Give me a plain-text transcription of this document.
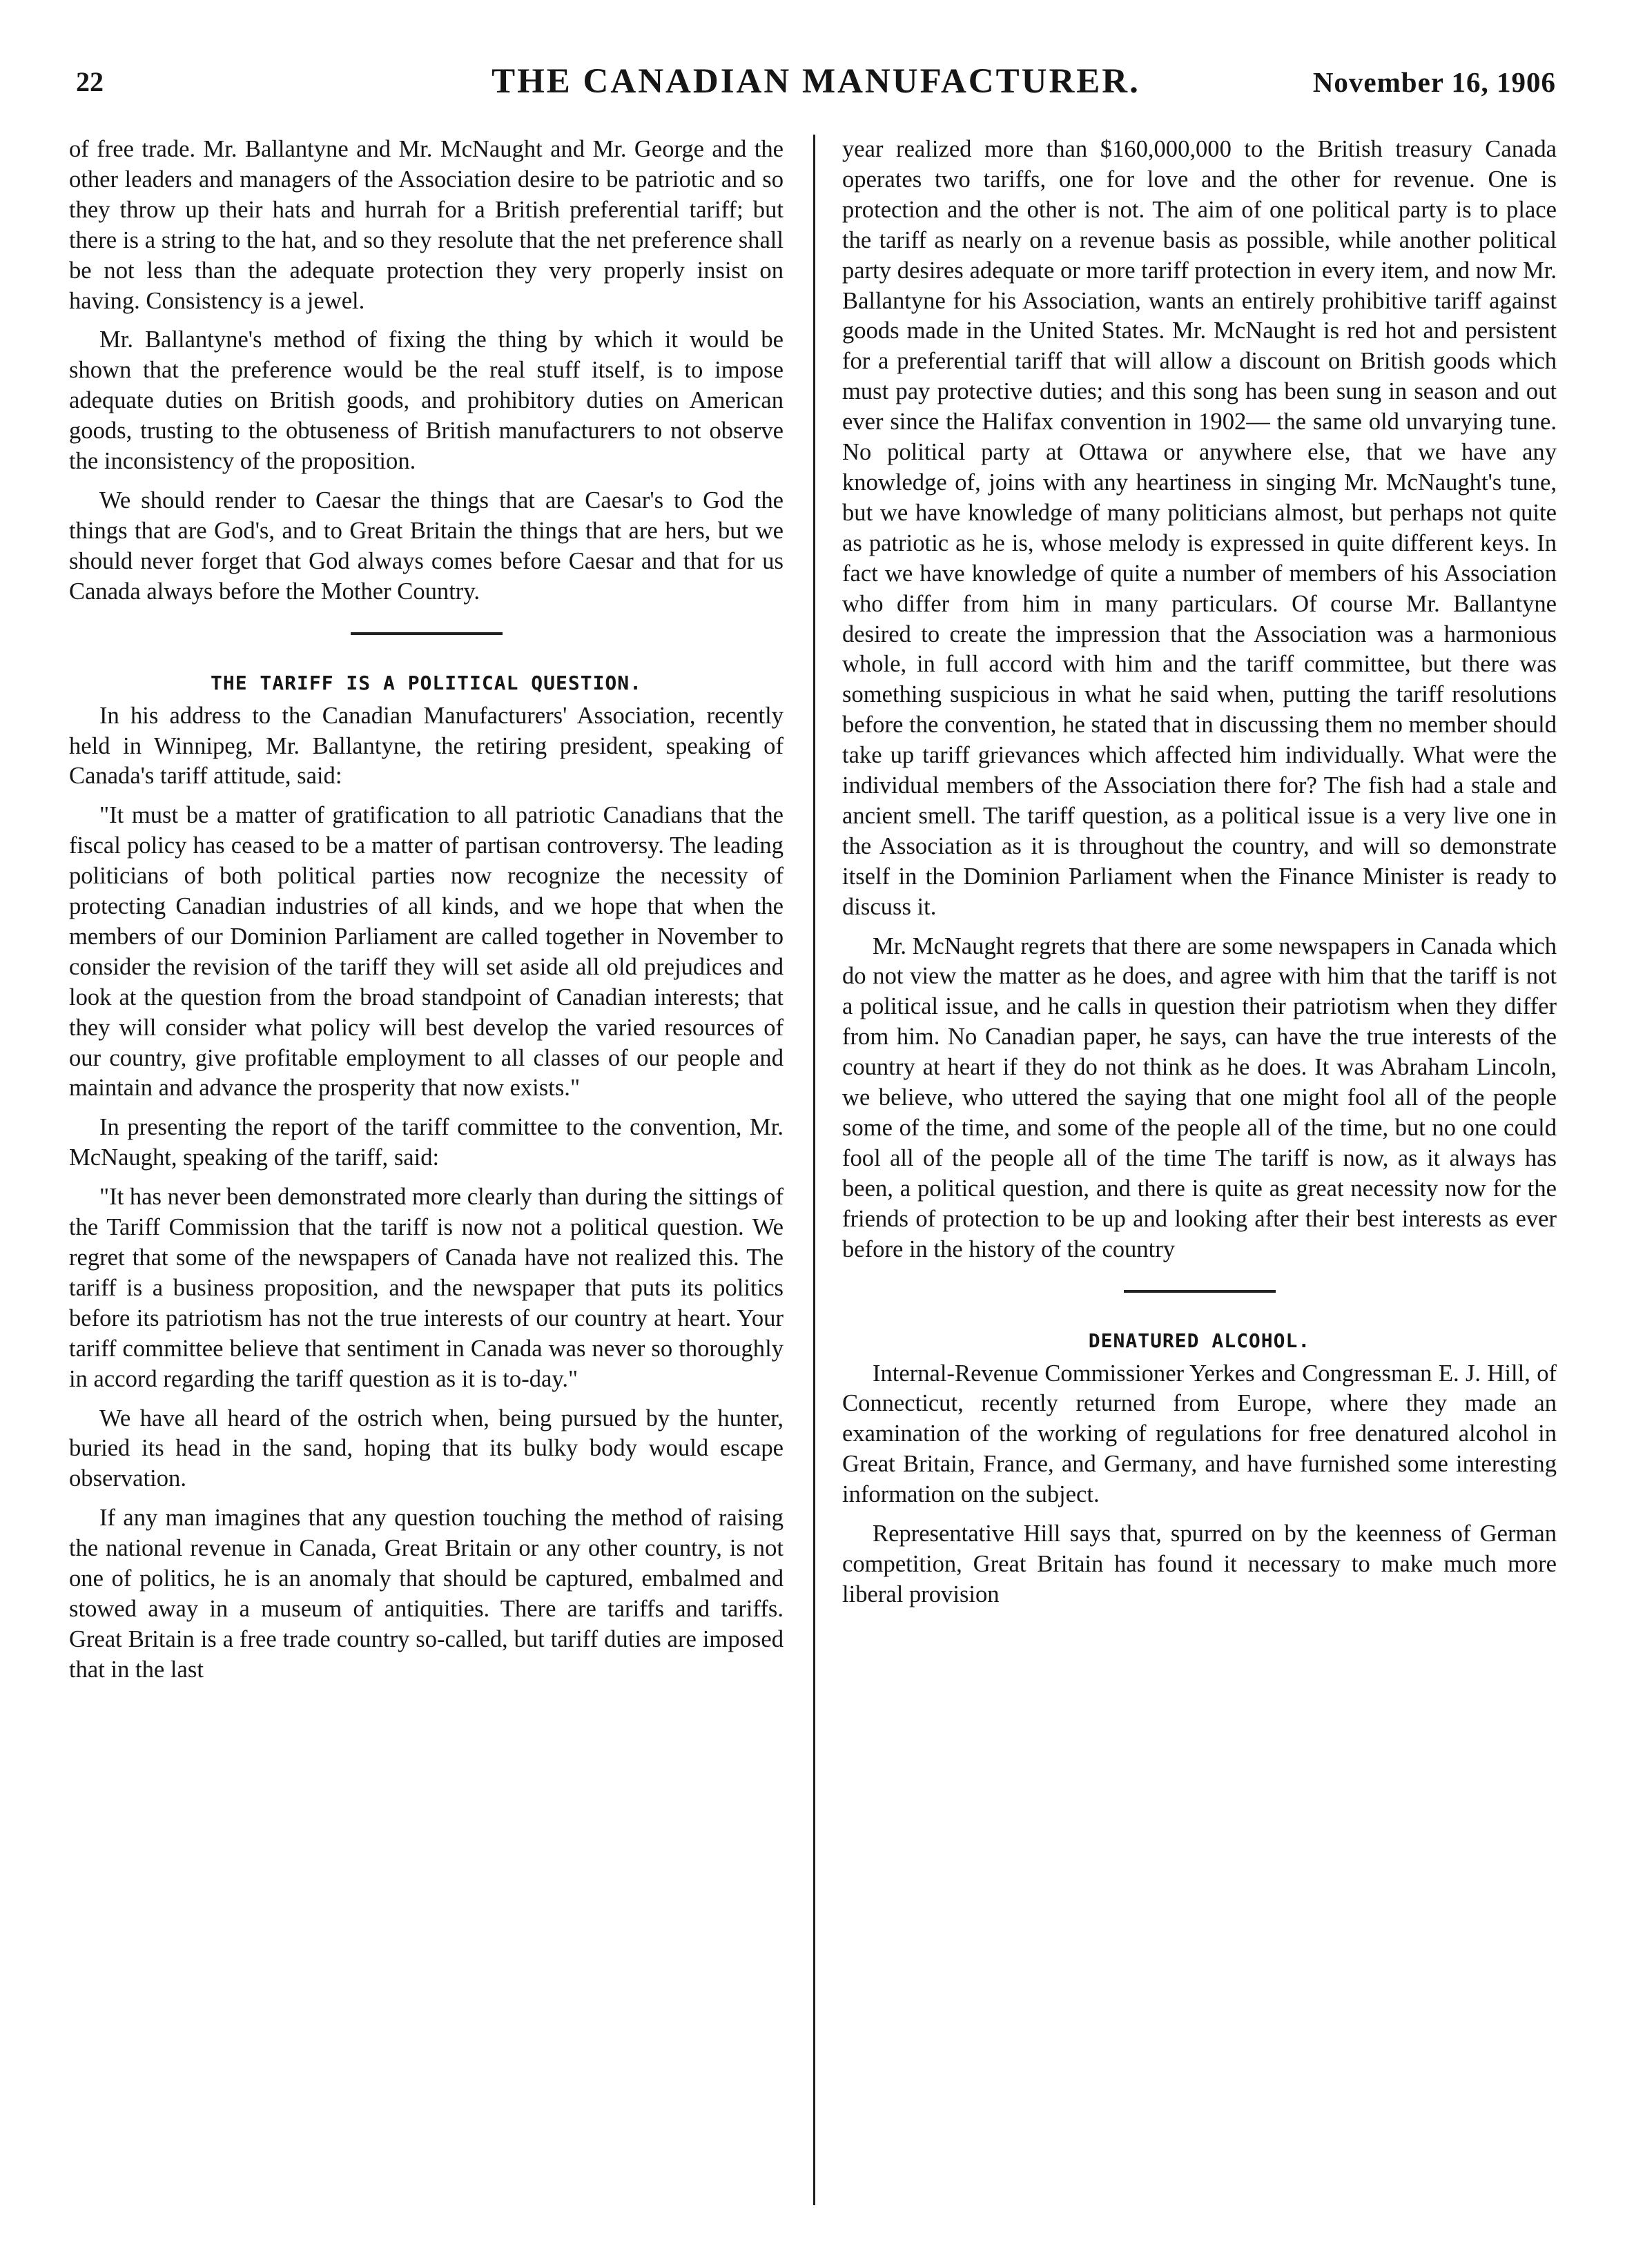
22	THE CANADIAN MANUFACTURER.	November 16, 1906

of free trade. Mr. Ballantyne and Mr. McNaught and Mr. George and the other leaders and managers of the Association desire to be patriotic and so they throw up their hats and hurrah for a British preferential tariff; but there is a string to the hat, and so they resolute that the net preference shall be not less than the adequate protection they very properly insist on having. Consistency is a jewel.

Mr. Ballantyne's method of fixing the thing by which it would be shown that the preference would be the real stuff itself, is to impose adequate duties on British goods, and prohibitory duties on American goods, trusting to the obtuseness of British manufacturers to not observe the inconsistency of the proposition.

We should render to Caesar the things that are Caesar's to God the things that are God's, and to Great Britain the things that are hers, but we should never forget that God always comes before Caesar and that for us Canada always before the Mother Country.

THE TARIFF IS A POLITICAL QUESTION.

In his address to the Canadian Manufacturers' Association, recently held in Winnipeg, Mr. Ballantyne, the retiring president, speaking of Canada's tariff attitude, said:

"It must be a matter of gratification to all patriotic Canadians that the fiscal policy has ceased to be a matter of partisan controversy. The leading politicians of both political parties now recognize the necessity of protecting Canadian industries of all kinds, and we hope that when the members of our Dominion Parliament are called together in November to consider the revision of the tariff they will set aside all old prejudices and look at the question from the broad standpoint of Canadian interests; that they will consider what policy will best develop the varied resources of our country, give profitable employment to all classes of our people and maintain and advance the prosperity that now exists."

In presenting the report of the tariff committee to the convention, Mr. McNaught, speaking of the tariff, said:

"It has never been demonstrated more clearly than during the sittings of the Tariff Commission that the tariff is now not a political question. We regret that some of the newspapers of Canada have not realized this. The tariff is a business proposition, and the newspaper that puts its politics before its patriotism has not the true interests of our country at heart. Your tariff committee believe that sentiment in Canada was never so thoroughly in accord regarding the tariff question as it is to-day."

We have all heard of the ostrich when, being pursued by the hunter, buried its head in the sand, hoping that its bulky body would escape observation.

If any man imagines that any question touching the method of raising the national revenue in Canada, Great Britain or any other country, is not one of politics, he is an anomaly that should be captured, embalmed and stowed away in a museum of antiquities. There are tariffs and tariffs. Great Britain is a free trade country so-called, but tariff duties are imposed that in the last

year realized more than $160,000,000 to the British treasury Canada operates two tariffs, one for love and the other for revenue. One is protection and the other is not. The aim of one political party is to place the tariff as nearly on a revenue basis as possible, while another political party desires adequate or more tariff protection in every item, and now Mr. Ballantyne for his Association, wants an entirely prohibitive tariff against goods made in the United States. Mr. McNaught is red hot and persistent for a preferential tariff that will allow a discount on British goods which must pay protective duties; and this song has been sung in season and out ever since the Halifax convention in 1902— the same old unvarying tune. No political party at Ottawa or anywhere else, that we have any knowledge of, joins with any heartiness in singing Mr. McNaught's tune, but we have knowledge of many politicians almost, but perhaps not quite as patriotic as he is, whose melody is expressed in quite different keys. In fact we have knowledge of quite a number of members of his Association who differ from him in many particulars. Of course Mr. Ballantyne desired to create the impression that the Association was a harmonious whole, in full accord with him and the tariff committee, but there was something suspicious in what he said when, putting the tariff resolutions before the convention, he stated that in discussing them no member should take up tariff grievances which affected him individually. What were the individual members of the Association there for? The fish had a stale and ancient smell. The tariff question, as a political issue is a very live one in the Association as it is throughout the country, and will so demonstrate itself in the Dominion Parliament when the Finance Minister is ready to discuss it.

Mr. McNaught regrets that there are some newspapers in Canada which do not view the matter as he does, and agree with him that the tariff is not a political issue, and he calls in question their patriotism when they differ from him. No Canadian paper, he says, can have the true interests of the country at heart if they do not think as he does. It was Abraham Lincoln, we believe, who uttered the saying that one might fool all of the people some of the time, and some of the people all of the time, but no one could fool all of the people all of the time The tariff is now, as it always has been, a political question, and there is quite as great necessity now for the friends of protection to be up and looking after their best interests as ever before in the history of the country

DENATURED ALCOHOL.

Internal-Revenue Commissioner Yerkes and Congressman E. J. Hill, of Connecticut, recently returned from Europe, where they made an examination of the working of regulations for free denatured alcohol in Great Britain, France, and Germany, and have furnished some interesting information on the subject.

Representative Hill says that, spurred on by the keenness of German competition, Great Britain has found it necessary to make much more liberal provision
